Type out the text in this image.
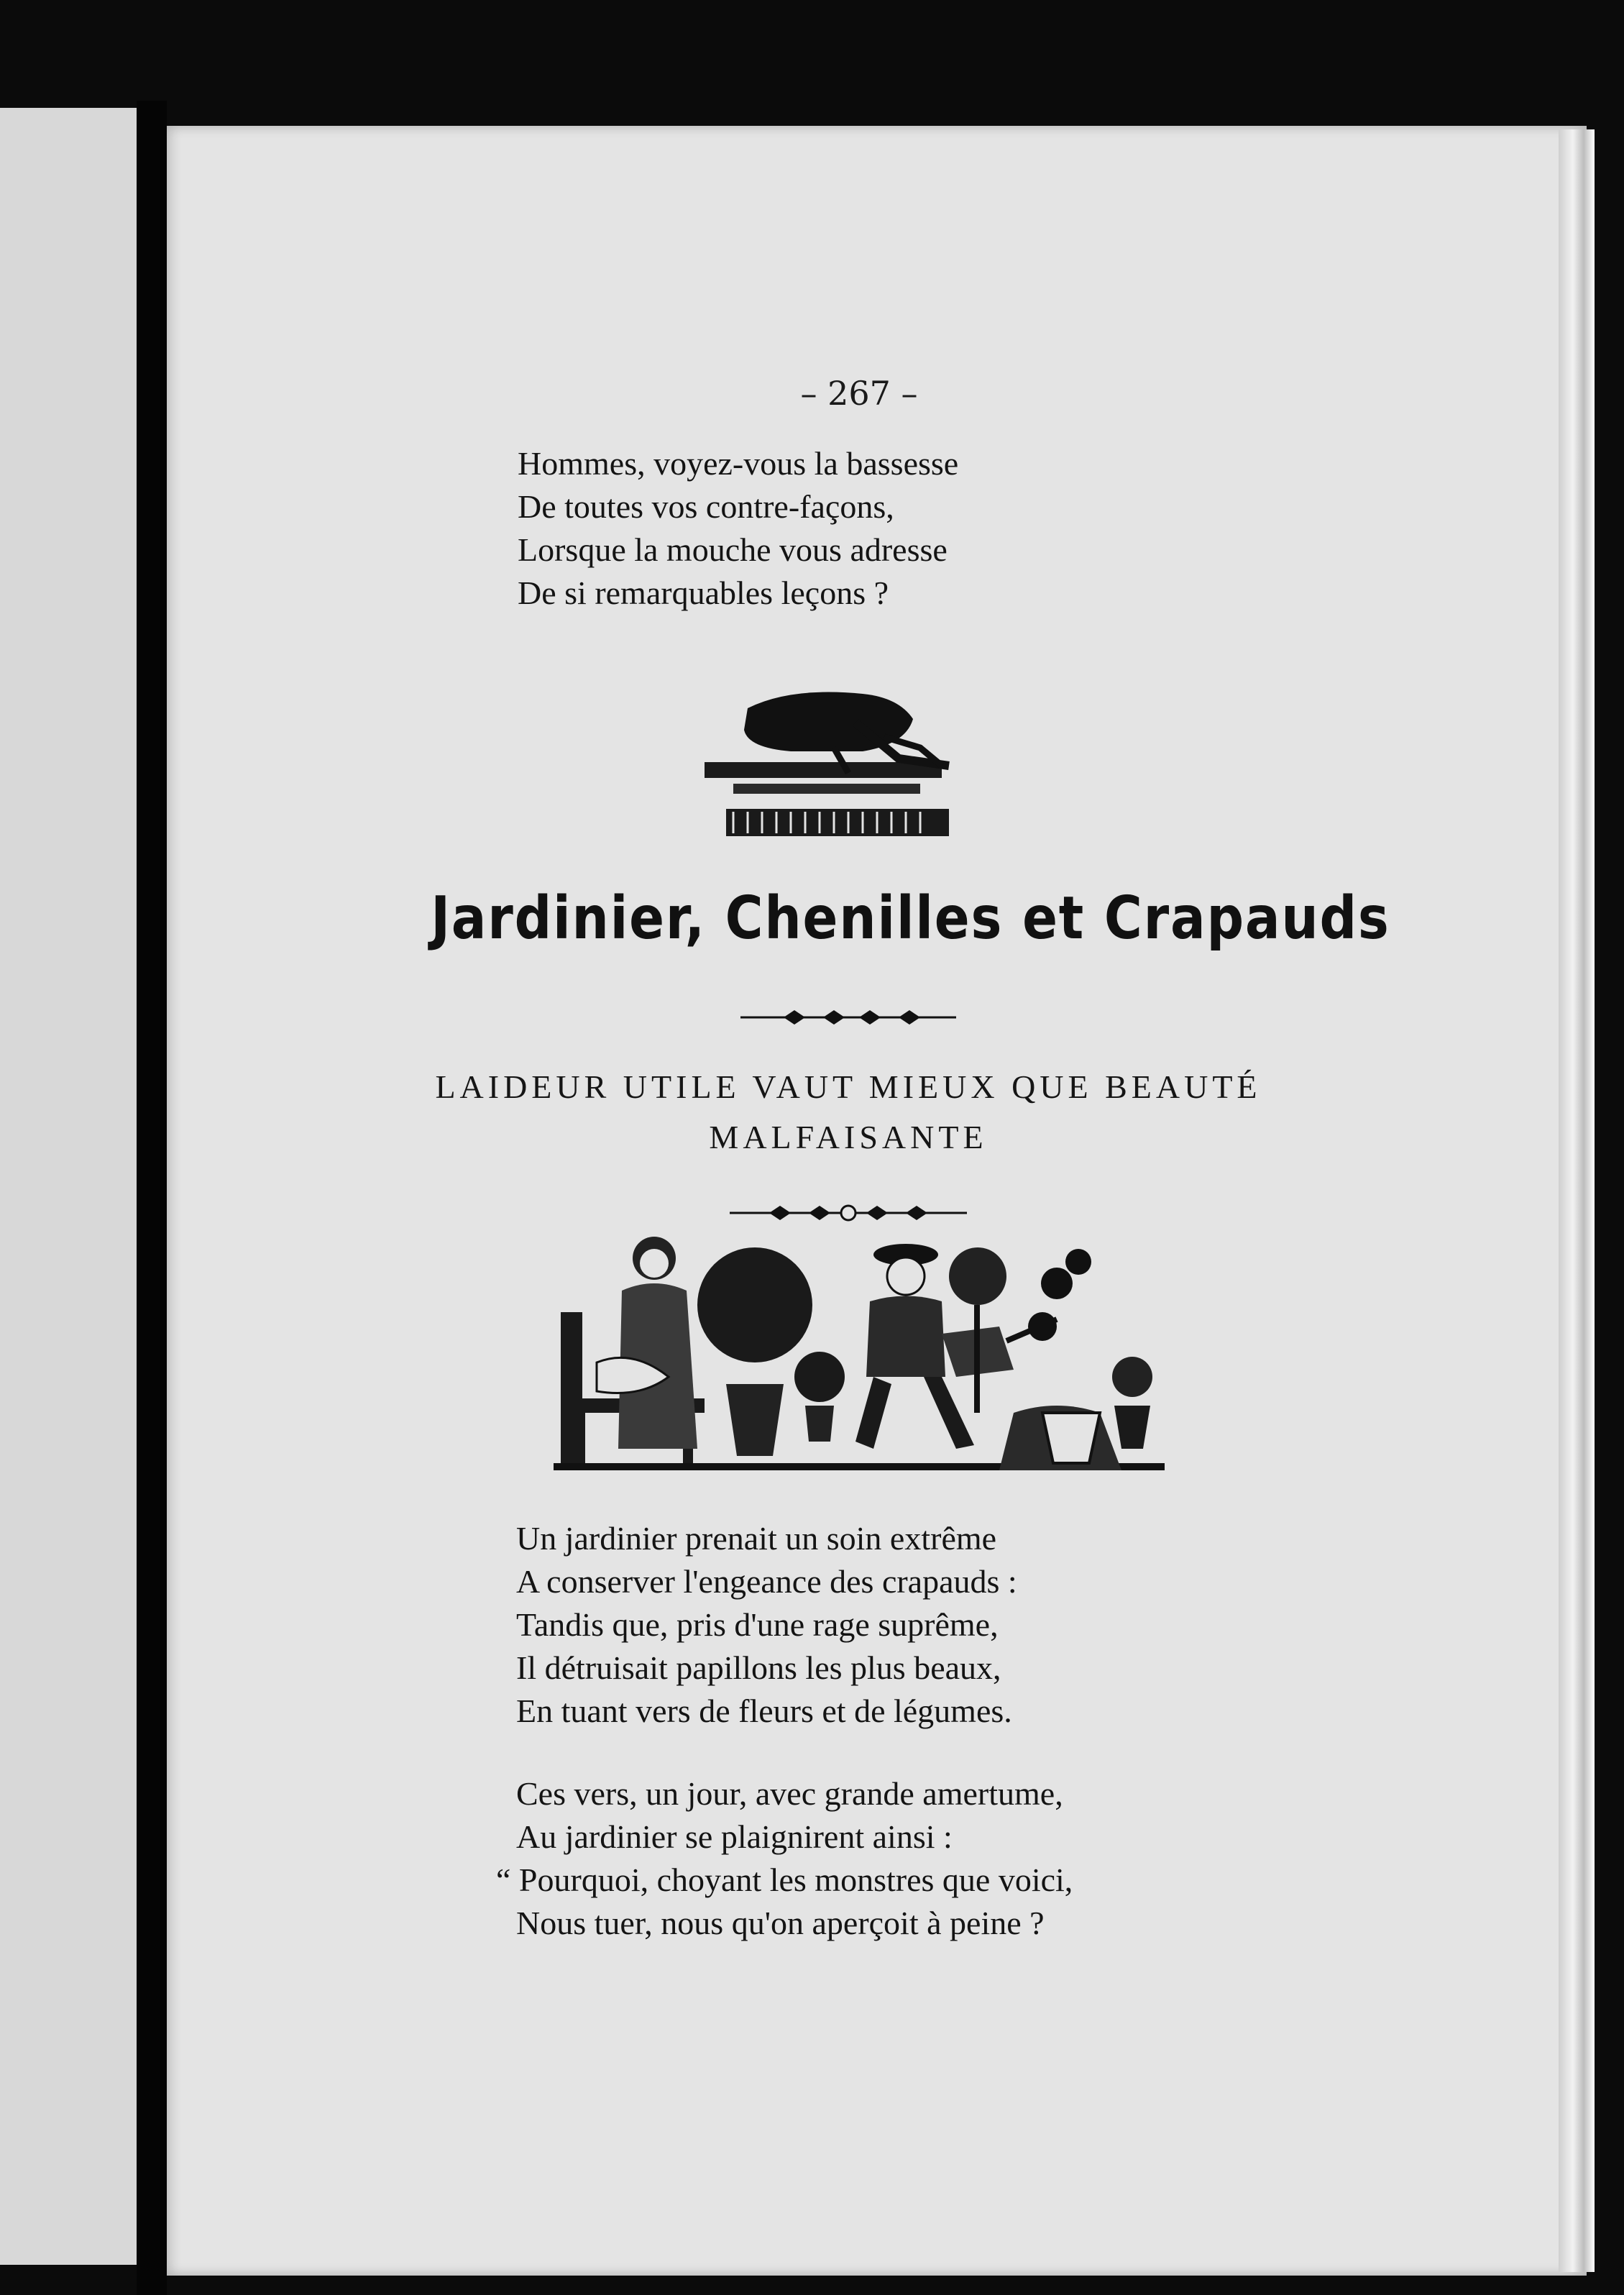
– 267 –
Hommes, voyez-vous la bassesse
De toutes vos contre-façons,
Lorsque la mouche vous adresse
De si remarquables leçons ?
Jardinier, Chenilles et Crapauds
LAIDEUR UTILE VAUT MIEUX QUE BEAUTÉ
MALFAISANTE
Un jardinier prenait un soin extrême
A conserver l'engeance des crapauds :
Tandis que, pris d'une rage suprême,
Il détruisait papillons les plus beaux,
En tuant vers de fleurs et de légumes.
Ces vers, un jour, avec grande amertume,
Au jardinier se plaignirent ainsi :
“ Pourquoi, choyant les monstres que voici,
Nous tuer, nous qu'on aperçoit à peine ?
